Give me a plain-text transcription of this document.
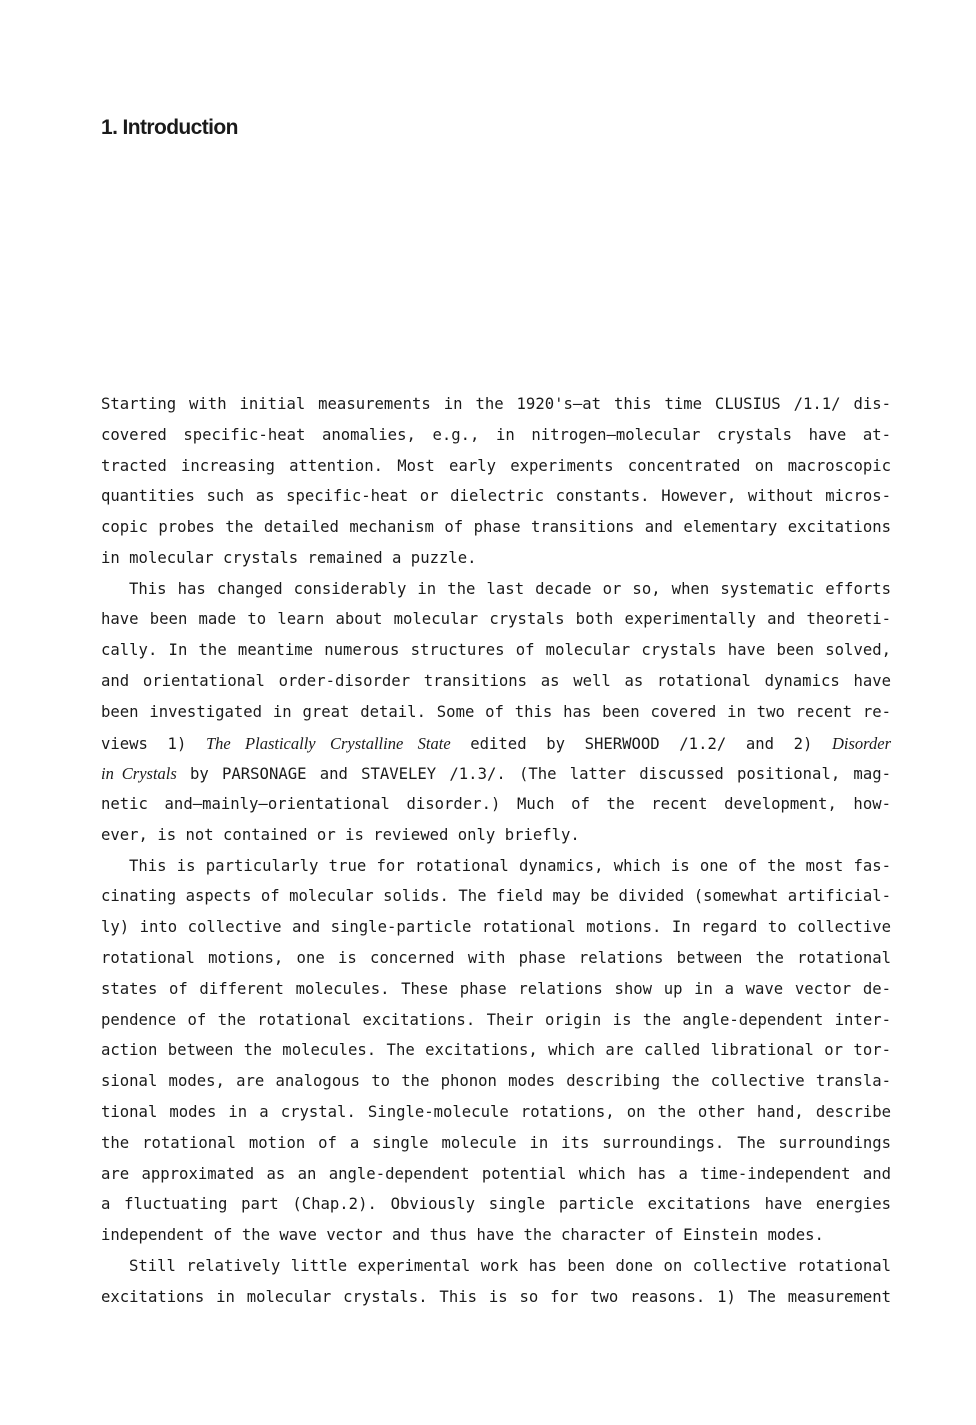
1. Introduction
Starting with initial measurements in the 1920's—at this time CLUSIUS /1.1/ dis-
covered specific-heat anomalies, e.g., in nitrogen—molecular crystals have at-
tracted increasing attention. Most early experiments concentrated on macroscopic
quantities such as specific-heat or dielectric constants. However, without micros-
copic probes the detailed mechanism of phase transitions and elementary excitations
in molecular crystals remained a puzzle.
This has changed considerably in the last decade or so, when systematic efforts
have been made to learn about molecular crystals both experimentally and theoreti-
cally. In the meantime numerous structures of molecular crystals have been solved,
and orientational order-disorder transitions as well as rotational dynamics have
been investigated in great detail. Some of this has been covered in two recent re-
views 1) The Plastically Crystalline State edited by SHERWOOD /1.2/ and 2) Disorder
in Crystals by PARSONAGE and STAVELEY /1.3/. (The latter discussed positional, mag-
netic and—mainly—orientational disorder.) Much of the recent development, how-
ever, is not contained or is reviewed only briefly.
This is particularly true for rotational dynamics, which is one of the most fas-
cinating aspects of molecular solids. The field may be divided (somewhat artificial-
ly) into collective and single-particle rotational motions. In regard to collective
rotational motions, one is concerned with phase relations between the rotational
states of different molecules. These phase relations show up in a wave vector de-
pendence of the rotational excitations. Their origin is the angle-dependent inter-
action between the molecules. The excitations, which are called librational or tor-
sional modes, are analogous to the phonon modes describing the collective transla-
tional modes in a crystal. Single-molecule rotations, on the other hand, describe
the rotational motion of a single molecule in its surroundings. The surroundings
are approximated as an angle-dependent potential which has a time-independent and
a fluctuating part (Chap.2). Obviously single particle excitations have energies
independent of the wave vector and thus have the character of Einstein modes.
Still relatively little experimental work has been done on collective rotational
excitations in molecular crystals. This is so for two reasons. 1) The measurement
